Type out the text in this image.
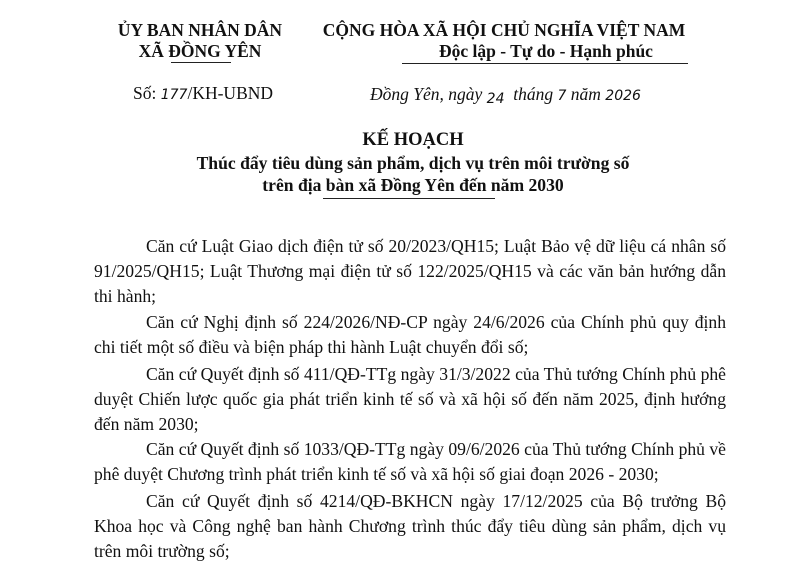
ỦY BAN NHÂN DÂN
XÃ ĐỒNG YÊN
CỘNG HÒA XÃ HỘI CHỦ NGHĨA VIỆT NAM
Độc lập - Tự do - Hạnh phúc
Số: 177/KH-UBND	Đồng Yên, ngày 24 tháng 7 năm 2026
KẾ HOẠCH
Thúc đẩy tiêu dùng sản phẩm, dịch vụ trên môi trường số
trên địa bàn xã Đồng Yên đến năm 2030

Căn cứ Luật Giao dịch điện tử số 20/2023/QH15; Luật Bảo vệ dữ liệu cá nhân số 91/2025/QH15; Luật Thương mại điện tử số 122/2025/QH15 và các văn bản hướng dẫn thi hành;

Căn cứ Nghị định số 224/2026/NĐ-CP ngày 24/6/2026 của Chính phủ quy định chi tiết một số điều và biện pháp thi hành Luật chuyển đổi số;

Căn cứ Quyết định số 411/QĐ-TTg ngày 31/3/2022 của Thủ tướng Chính phủ phê duyệt Chiến lược quốc gia phát triển kinh tế số và xã hội số đến năm 2025, định hướng đến năm 2030;

Căn cứ Quyết định số 1033/QĐ-TTg ngày 09/6/2026 của Thủ tướng Chính phủ về phê duyệt Chương trình phát triển kinh tế số và xã hội số giai đoạn 2026 - 2030;

Căn cứ Quyết định số 4214/QĐ-BKHCN ngày 17/12/2025 của Bộ trưởng Bộ Khoa học và Công nghệ ban hành Chương trình thúc đẩy tiêu dùng sản phẩm, dịch vụ trên môi trường số;
